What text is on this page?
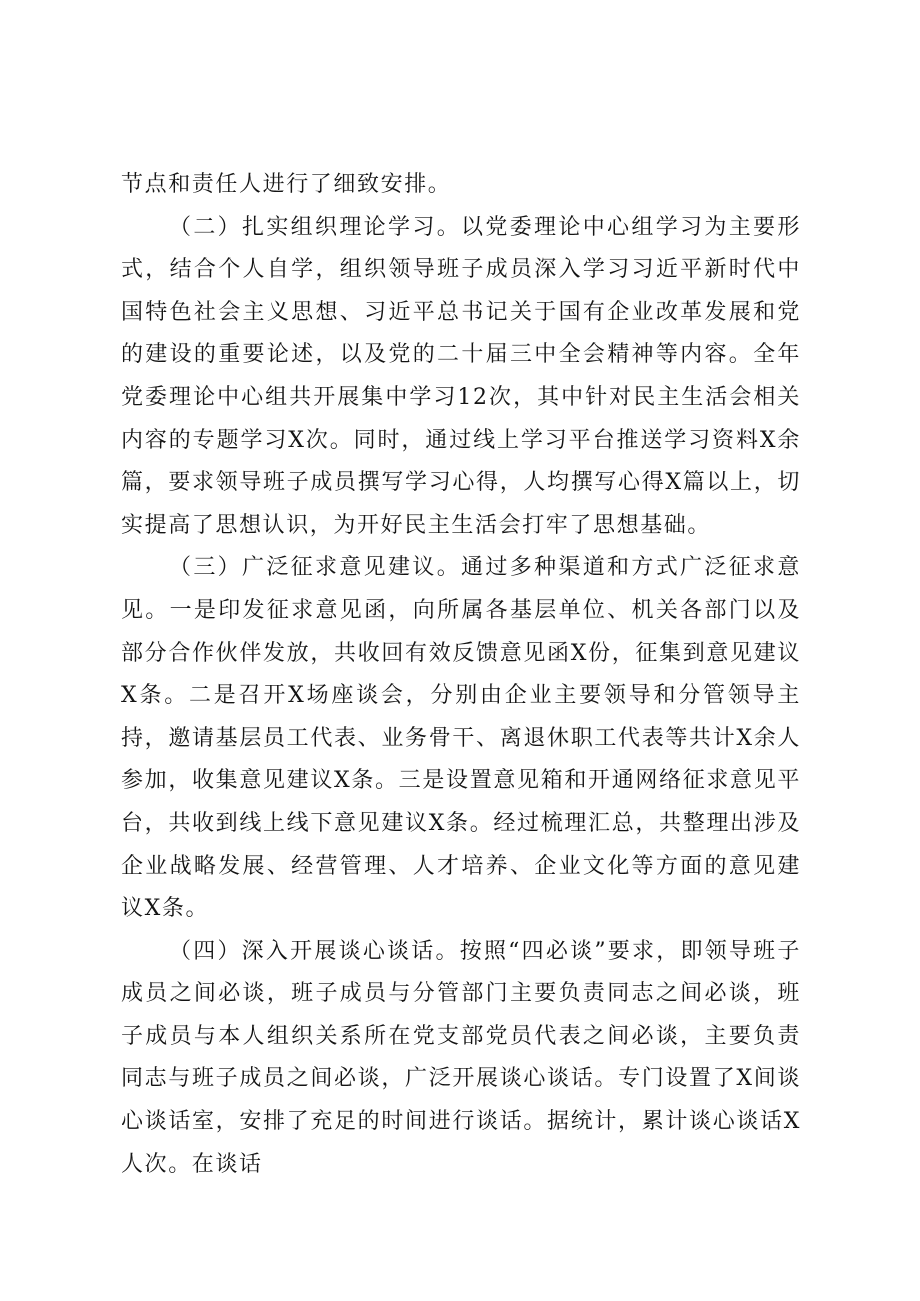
节点和责任人进行了细致安排。

（二）扎实组织理论学习。以党委理论中心组学习为主要形式，结合个人自学，组织领导班子成员深入学习习近平新时代中国特色社会主义思想、习近平总书记关于国有企业改革发展和党的建设的重要论述，以及党的二十届三中全会精神等内容。全年党委理论中心组共开展集中学习12次，其中针对民主生活会相关内容的专题学习X次。同时，通过线上学习平台推送学习资料X余篇，要求领导班子成员撰写学习心得，人均撰写心得X篇以上，切实提高了思想认识，为开好民主生活会打牢了思想基础。

（三）广泛征求意见建议。通过多种渠道和方式广泛征求意见。一是印发征求意见函，向所属各基层单位、机关各部门以及部分合作伙伴发放，共收回有效反馈意见函X份，征集到意见建议X条。二是召开X场座谈会，分别由企业主要领导和分管领导主持，邀请基层员工代表、业务骨干、离退休职工代表等共计X余人参加，收集意见建议X条。三是设置意见箱和开通网络征求意见平台，共收到线上线下意见建议X条。经过梳理汇总，共整理出涉及企业战略发展、经营管理、人才培养、企业文化等方面的意见建议X条。

（四）深入开展谈心谈话。按照“四必谈”要求，即领导班子成员之间必谈，班子成员与分管部门主要负责同志之间必谈，班子成员与本人组织关系所在党支部党员代表之间必谈，主要负责同志与班子成员之间必谈，广泛开展谈心谈话。专门设置了X间谈心谈话室，安排了充足的时间进行谈话。据统计，累计谈心谈话X人次。在谈话
